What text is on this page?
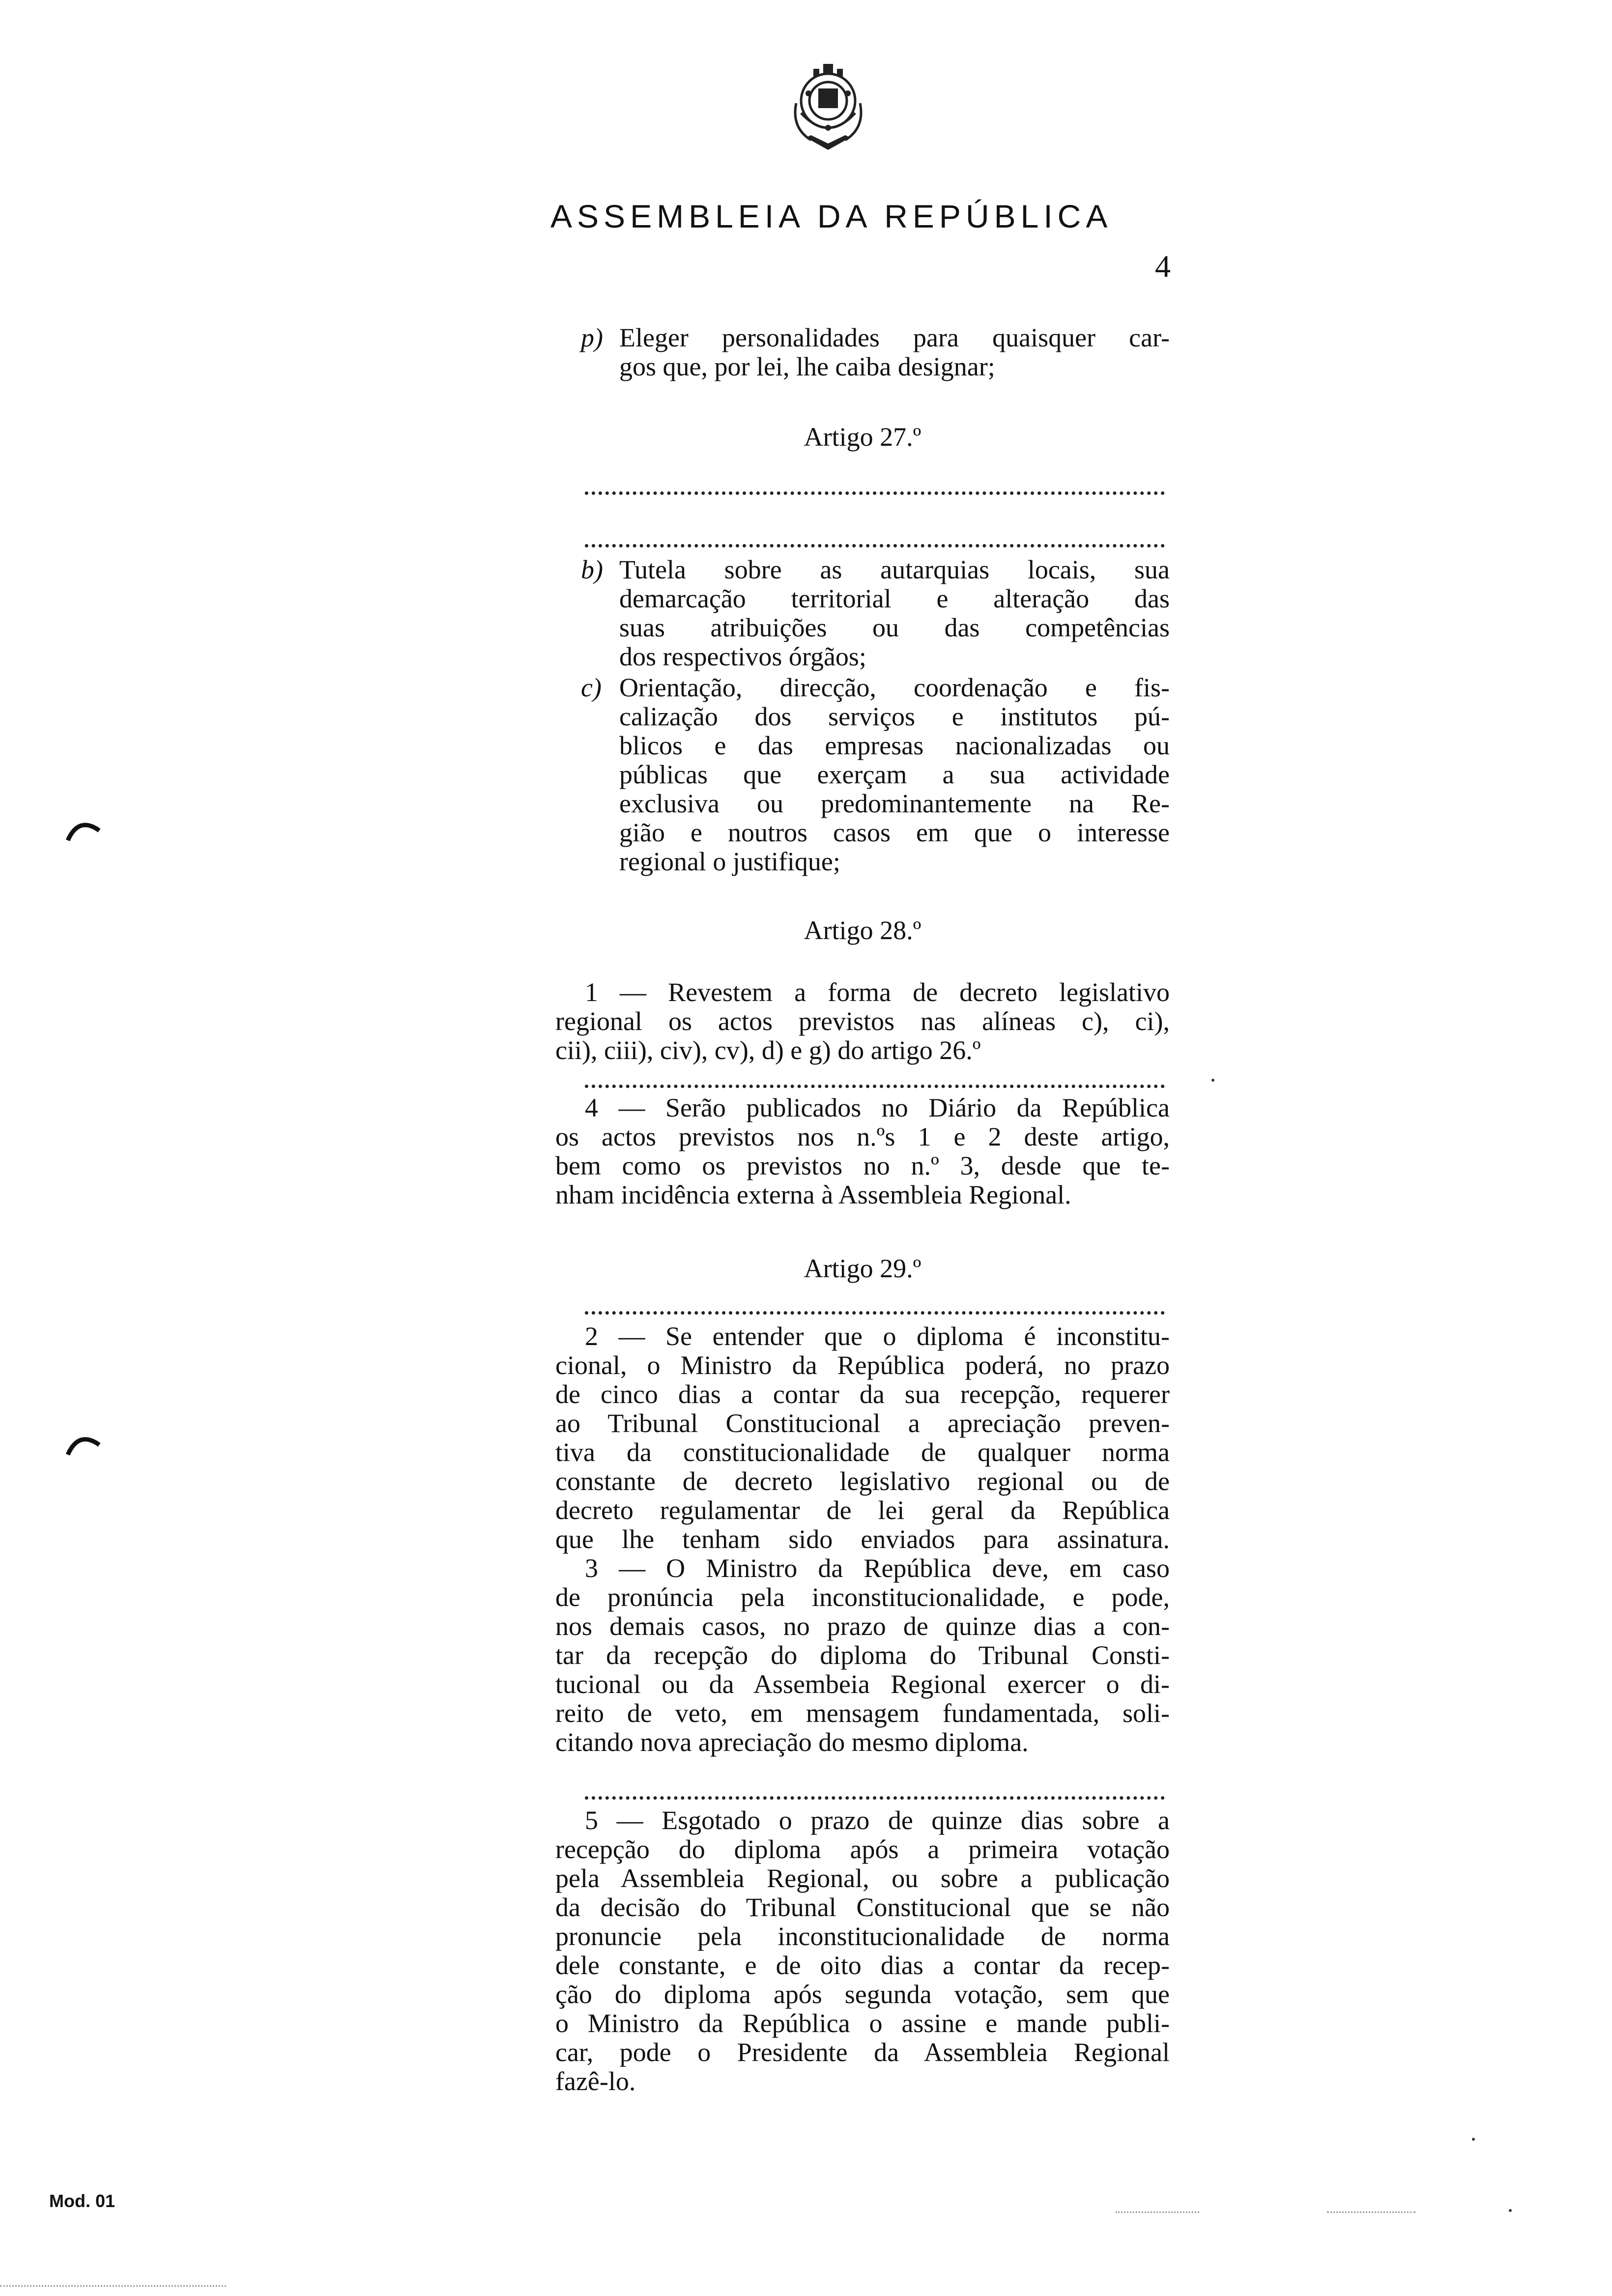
ASSEMBLEIA DA REPÚBLICA
4
p) Eleger personalidades para quaisquer car-
gos que, por lei, lhe caiba designar;
Artigo 27.º
b) Tutela sobre as autarquias locais, sua
demarcação territorial e alteração das
suas atribuições ou das competências
dos respectivos órgãos;
c) Orientação, direcção, coordenação e fis-
calização dos serviços e institutos pú-
blicos e das empresas nacionalizadas ou
públicas que exerçam a sua actividade
exclusiva ou predominantemente na Re-
gião e noutros casos em que o interesse
regional o justifique;
Artigo 28.º
1 — Revestem a forma de decreto legislativo
regional os actos previstos nas alíneas c), ci),
cii), ciii), civ), cv), d) e g) do artigo 26.º
4 — Serão publicados no Diário da República
os actos previstos nos n.ºs 1 e 2 deste artigo,
bem como os previstos no n.º 3, desde que te-
nham incidência externa à Assembleia Regional.
Artigo 29.º
2 — Se entender que o diploma é inconstitu-
cional, o Ministro da República poderá, no prazo
de cinco dias a contar da sua recepção, requerer
ao Tribunal Constitucional a apreciação preven-
tiva da constitucionalidade de qualquer norma
constante de decreto legislativo regional ou de
decreto regulamentar de lei geral da República
que lhe tenham sido enviados para assinatura.
3 — O Ministro da República deve, em caso
de pronúncia pela inconstitucionalidade, e pode,
nos demais casos, no prazo de quinze dias a con-
tar da recepção do diploma do Tribunal Consti-
tucional ou da Assembeia Regional exercer o di-
reito de veto, em mensagem fundamentada, soli-
citando nova apreciação do mesmo diploma.
5 — Esgotado o prazo de quinze dias sobre a
recepção do diploma após a primeira votação
pela Assembleia Regional, ou sobre a publicação
da decisão do Tribunal Constitucional que se não
pronuncie pela inconstitucionalidade de norma
dele constante, e de oito dias a contar da recep-
ção do diploma após segunda votação, sem que
o Ministro da República o assine e mande publi-
car, pode o Presidente da Assembleia Regional
fazê-lo.
Mod. 01
